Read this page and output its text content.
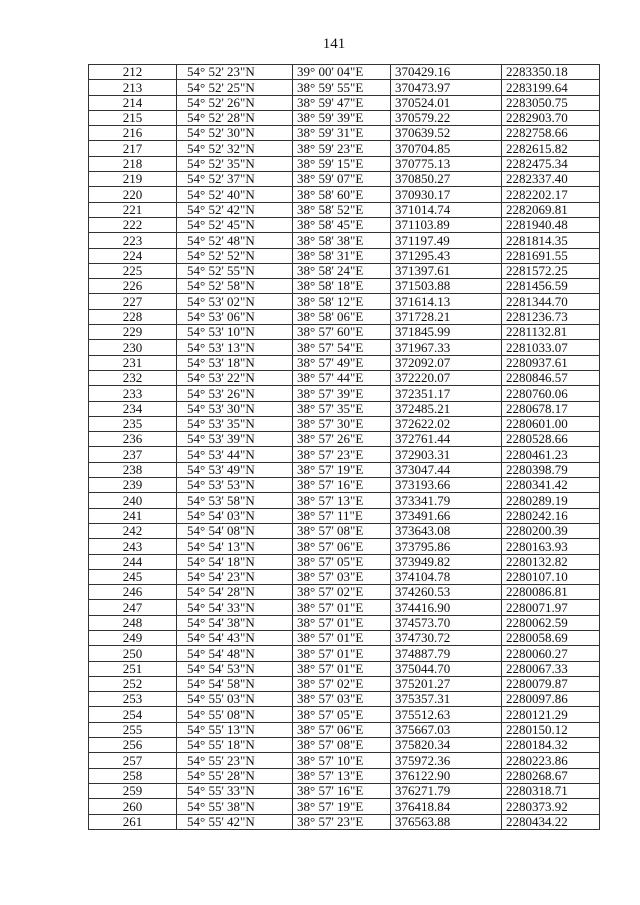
141
212	54° 52' 23"N	39° 00' 04"E	370429.16	2283350.18
213	54° 52' 25"N	38° 59' 55"E	370473.97	2283199.64
214	54° 52' 26"N	38° 59' 47"E	370524.01	2283050.75
215	54° 52' 28"N	38° 59' 39"E	370579.22	2282903.70
216	54° 52' 30"N	38° 59' 31"E	370639.52	2282758.66
217	54° 52' 32"N	38° 59' 23"E	370704.85	2282615.82
218	54° 52' 35"N	38° 59' 15"E	370775.13	2282475.34
219	54° 52' 37"N	38° 59' 07"E	370850.27	2282337.40
220	54° 52' 40"N	38° 58' 60"E	370930.17	2282202.17
221	54° 52' 42"N	38° 58' 52"E	371014.74	2282069.81
222	54° 52' 45"N	38° 58' 45"E	371103.89	2281940.48
223	54° 52' 48"N	38° 58' 38"E	371197.49	2281814.35
224	54° 52' 52"N	38° 58' 31"E	371295.43	2281691.55
225	54° 52' 55"N	38° 58' 24"E	371397.61	2281572.25
226	54° 52' 58"N	38° 58' 18"E	371503.88	2281456.59
227	54° 53' 02"N	38° 58' 12"E	371614.13	2281344.70
228	54° 53' 06"N	38° 58' 06"E	371728.21	2281236.73
229	54° 53' 10"N	38° 57' 60"E	371845.99	2281132.81
230	54° 53' 13"N	38° 57' 54"E	371967.33	2281033.07
231	54° 53' 18"N	38° 57' 49"E	372092.07	2280937.61
232	54° 53' 22"N	38° 57' 44"E	372220.07	2280846.57
233	54° 53' 26"N	38° 57' 39"E	372351.17	2280760.06
234	54° 53' 30"N	38° 57' 35"E	372485.21	2280678.17
235	54° 53' 35"N	38° 57' 30"E	372622.02	2280601.00
236	54° 53' 39"N	38° 57' 26"E	372761.44	2280528.66
237	54° 53' 44"N	38° 57' 23"E	372903.31	2280461.23
238	54° 53' 49"N	38° 57' 19"E	373047.44	2280398.79
239	54° 53' 53"N	38° 57' 16"E	373193.66	2280341.42
240	54° 53' 58"N	38° 57' 13"E	373341.79	2280289.19
241	54° 54' 03"N	38° 57' 11"E	373491.66	2280242.16
242	54° 54' 08"N	38° 57' 08"E	373643.08	2280200.39
243	54° 54' 13"N	38° 57' 06"E	373795.86	2280163.93
244	54° 54' 18"N	38° 57' 05"E	373949.82	2280132.82
245	54° 54' 23"N	38° 57' 03"E	374104.78	2280107.10
246	54° 54' 28"N	38° 57' 02"E	374260.53	2280086.81
247	54° 54' 33"N	38° 57' 01"E	374416.90	2280071.97
248	54° 54' 38"N	38° 57' 01"E	374573.70	2280062.59
249	54° 54' 43"N	38° 57' 01"E	374730.72	2280058.69
250	54° 54' 48"N	38° 57' 01"E	374887.79	2280060.27
251	54° 54' 53"N	38° 57' 01"E	375044.70	2280067.33
252	54° 54' 58"N	38° 57' 02"E	375201.27	2280079.87
253	54° 55' 03"N	38° 57' 03"E	375357.31	2280097.86
254	54° 55' 08"N	38° 57' 05"E	375512.63	2280121.29
255	54° 55' 13"N	38° 57' 06"E	375667.03	2280150.12
256	54° 55' 18"N	38° 57' 08"E	375820.34	2280184.32
257	54° 55' 23"N	38° 57' 10"E	375972.36	2280223.86
258	54° 55' 28"N	38° 57' 13"E	376122.90	2280268.67
259	54° 55' 33"N	38° 57' 16"E	376271.79	2280318.71
260	54° 55' 38"N	38° 57' 19"E	376418.84	2280373.92
261	54° 55' 42"N	38° 57' 23"E	376563.88	2280434.22
